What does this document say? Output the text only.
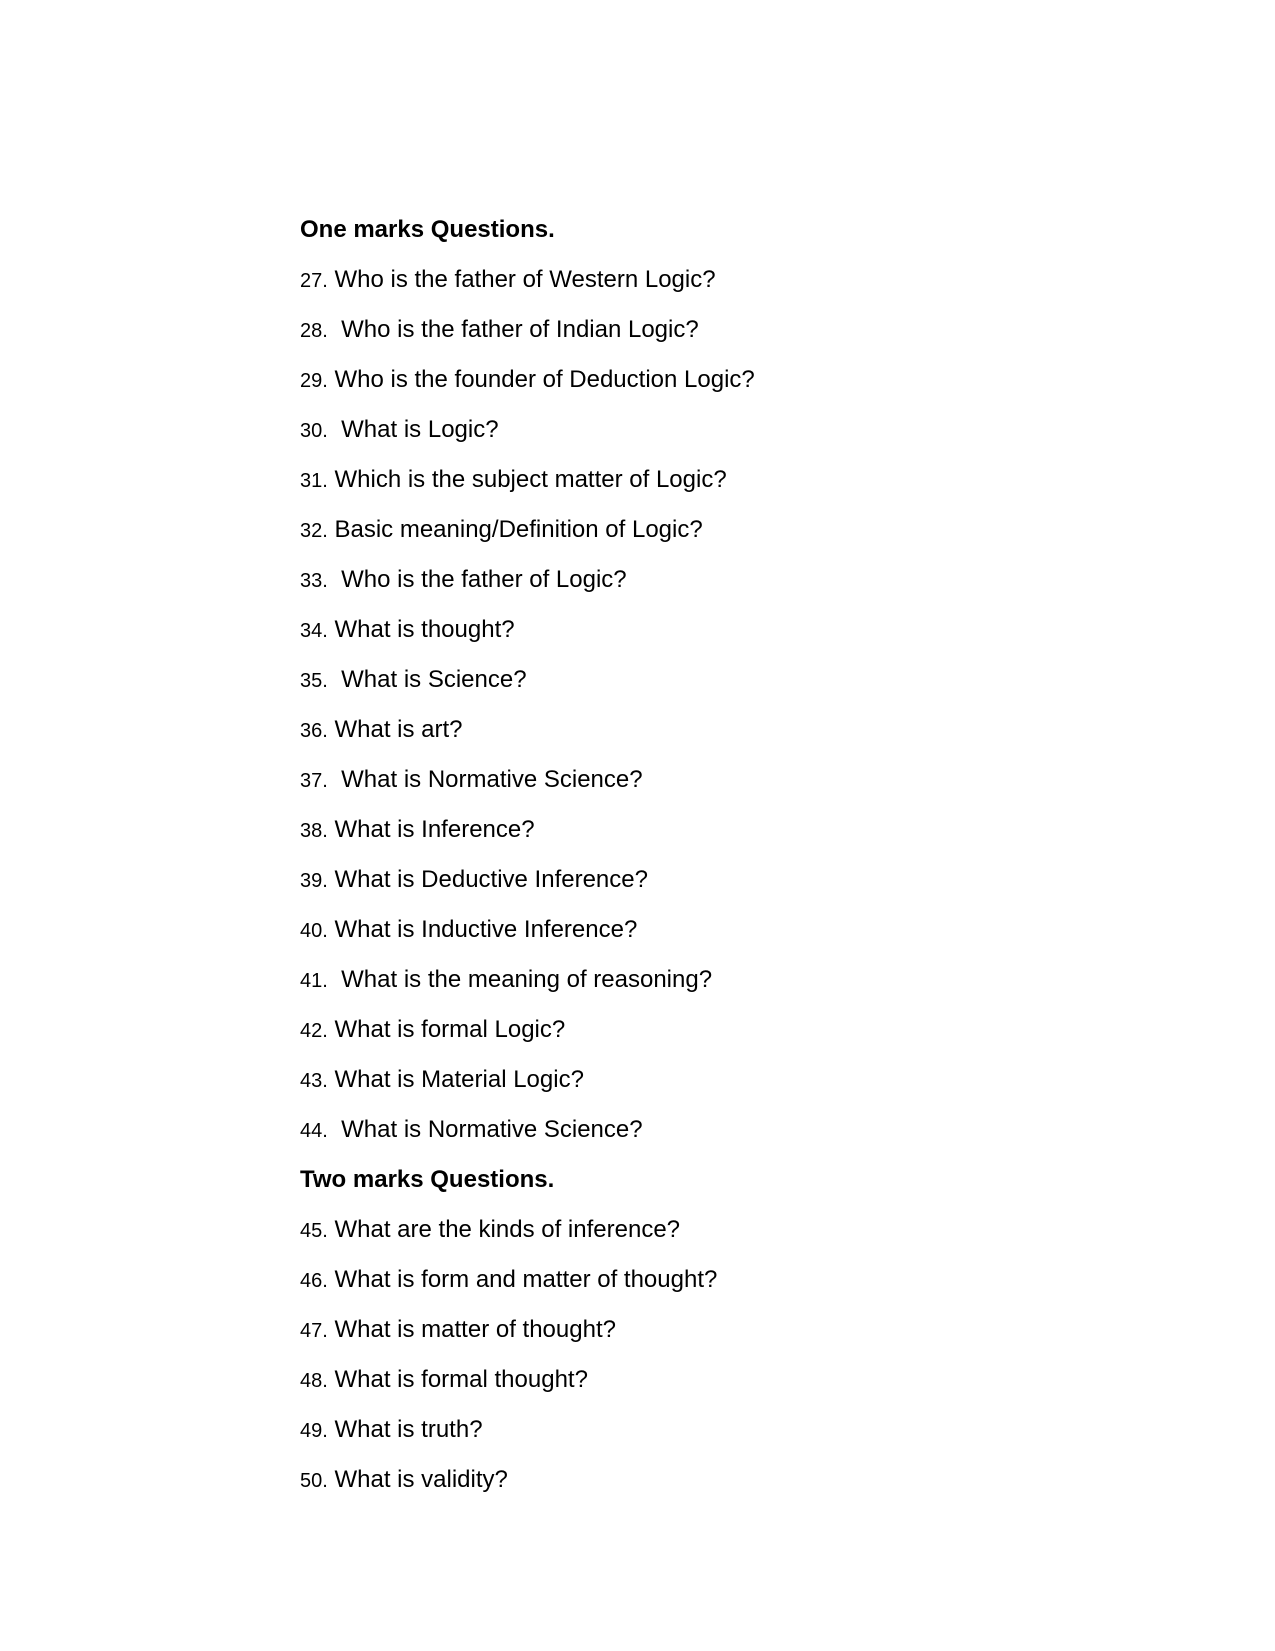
One marks Questions.
27. Who is the father of Western Logic?
28. Who is the father of Indian Logic?
29. Who is the founder of Deduction Logic?
30. What is Logic?
31. Which is the subject matter of Logic?
32. Basic meaning/Definition of Logic?
33. Who is the father of Logic?
34. What is thought?
35. What is Science?
36. What is art?
37. What is Normative Science?
38. What is Inference?
39. What is Deductive Inference?
40. What is Inductive Inference?
41. What is the meaning of reasoning?
42. What is formal Logic?
43. What is Material Logic?
44. What is Normative Science?
Two marks Questions.
45. What are the kinds of inference?
46. What is form and matter of thought?
47. What is matter of thought?
48. What is formal thought?
49. What is truth?
50. What is validity?
